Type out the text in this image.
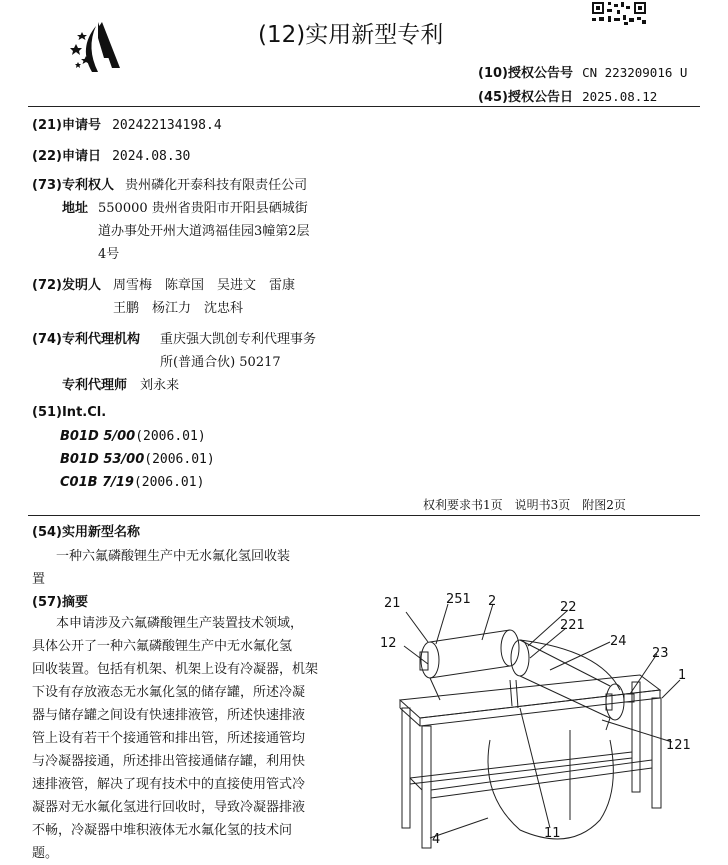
(12)实用新型专利
(10)授权公告号 CN 223209016 U
(45)授权公告日 2025.08.12
(21)申请号 202422134198.4
(22)申请日 2024.08.30
(73)专利权人 贵州磷化开泰科技有限责任公司
地址 550000 贵州省贵阳市开阳县硒城街
道办事处开州大道鸿福佳园3幢第2层
4号
(72)发明人 周雪梅　陈章国　吴进文　雷康
王鹏　杨江力　沈忠科
(74)专利代理机构 重庆强大凯创专利代理事务
所(普通合伙) 50217
专利代理师 刘永来
(51)Int.Cl.
B01D 5/00(2006.01)
B01D 53/00(2006.01)
C01B 7/19(2006.01)
权利要求书1页　说明书3页　附图2页
(54)实用新型名称
一种六氟磷酸锂生产中无水氟化氢回收装
置
(57)摘要

本申请涉及六氟磷酸锂生产装置技术领域，

具体公开了一种六氟磷酸锂生产中无水氟化氢

回收装置。包括有机架、机架上设有冷凝器，机架

下设有存放液态无水氟化氢的储存罐，所述冷凝

器与储存罐之间设有快速排液管，所述快速排液

管上设有若干个接通管和排出管，所述接通管均

与冷凝器接通，所述排出管接通储存罐，利用快

速排液管，解决了现有技术中的直接使用管式冷

凝器对无水氟化氢进行回收时，导致冷凝器排液

不畅，冷凝器中堆积液体无水氟化氢的技术问

题。

21	251 2	22
221
24
12
23
1
121
4	11
